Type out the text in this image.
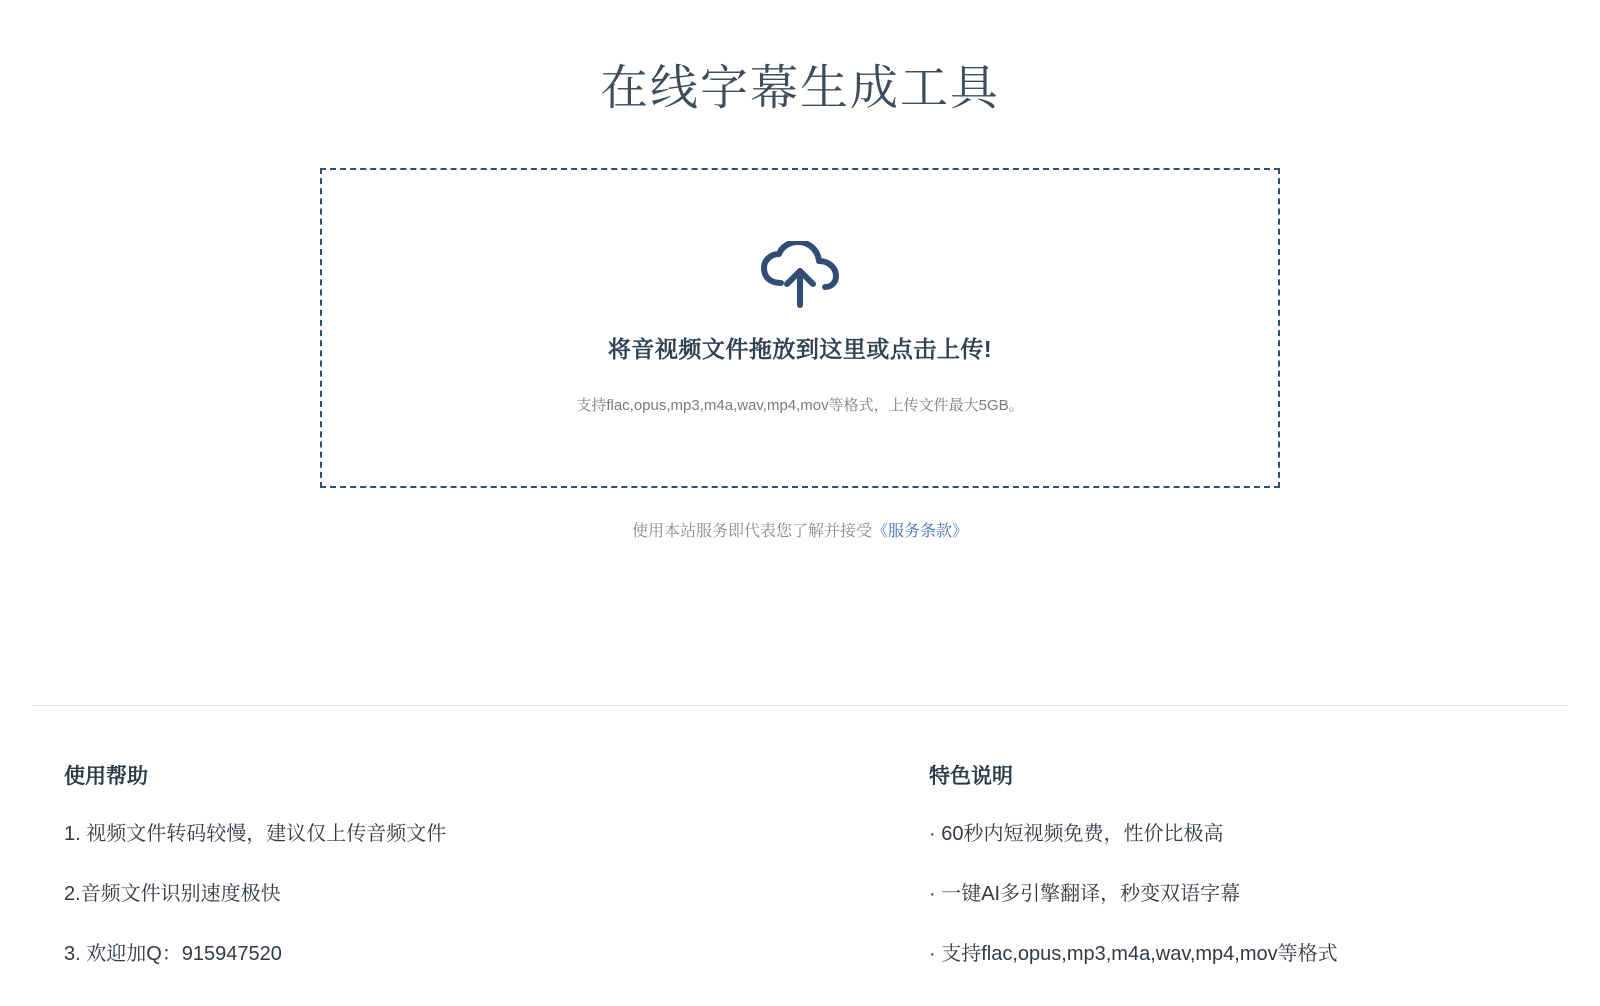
在线字幕生成工具
将音视频文件拖放到这里或点击上传!
支持flac,opus,mp3,m4a,wav,mp4,mov等格式，上传文件最大5GB。
使用本站服务即代表您了解并接受《服务条款》
使用帮助
1. 视频文件转码较慢，建议仅上传音频文件
2.音频文件识别速度极快
3. 欢迎加Q：915947520
特色说明
· 60秒内短视频免费，性价比极高
· 一键AI多引擎翻译，秒变双语字幕
· 支持flac,opus,mp3,m4a,wav,mp4,mov等格式
